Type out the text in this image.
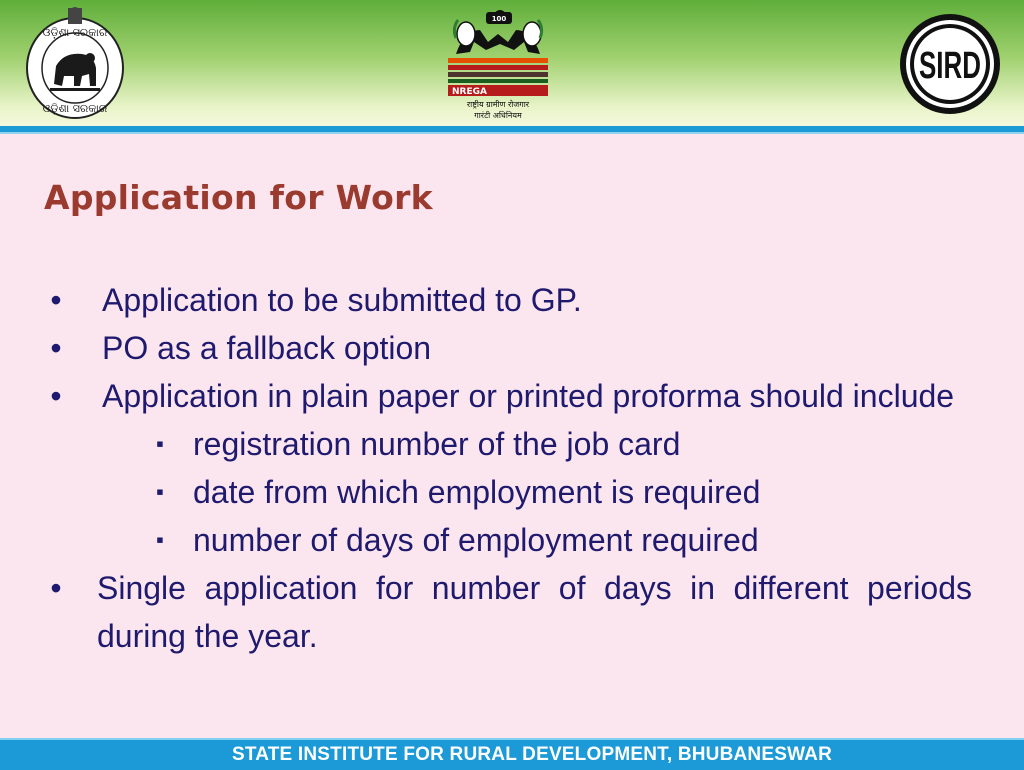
ଓଡ଼ିଶା ସରକାର
ଓଡ଼ିଶା ସରକାର
100
NREGA
राष्ट्रीय ग्रामीण रोजगार
गारंटी अधिनियम
SIRD
Application for Work
•	Application to be submitted to GP.
•	PO as a fallback option
•	Application in plain paper or printed proforma should include
▪ registration number of the job card
▪ date from which employment is required
▪ number of days of employment required
•	Single application for number of days in different periods
during the year.
STATE INSTITUTE FOR RURAL DEVELOPMENT, BHUBANESWAR
